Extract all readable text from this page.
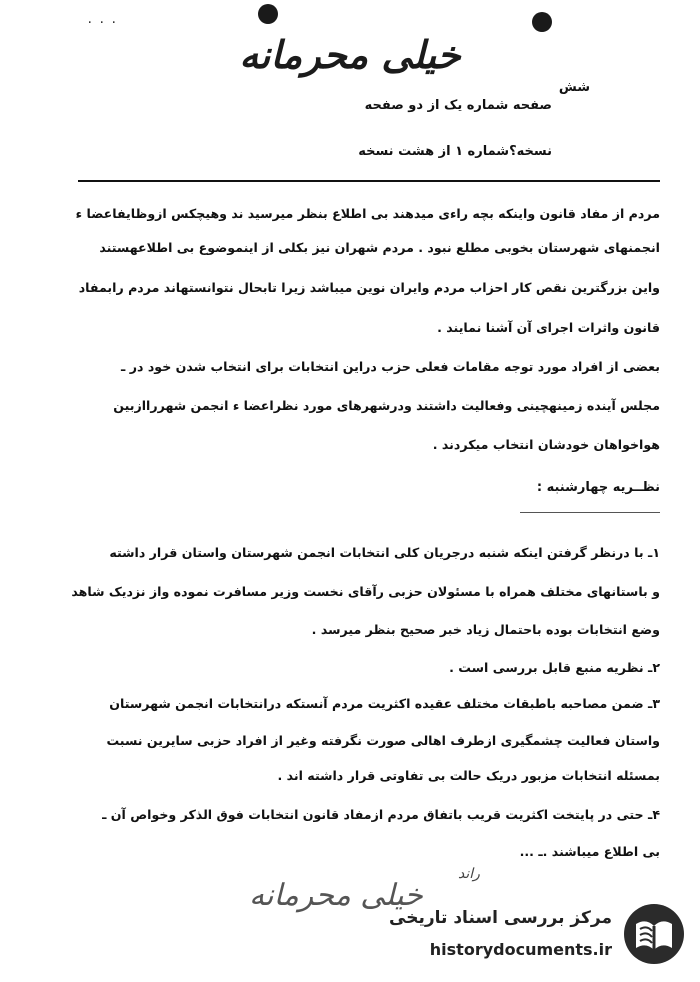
٠ ٠ ٠
خیلی محرمانه
شش
صفحه شماره یک از دو صفحه
نسخه؟شماره ۱ از هشت نسخه
مردم از مفاد قانون واینکه بچه راءی میدهند بی اطلاع بنظر میرسید ند وهیچکس ازوظایفاعضا ء
انجمنهای شهرستان بخوبی مطلع نبود . مردم شهران نیز بکلی از اینموضوع بی اطلاعهستند
واین بزرگترین نقص کار احزاب مردم وایران نوین میباشد زیرا تابحال نتوانستهاند مردم رابمفاد
قانون واثرات اجرای آن آشنا نمایند .
بعضی از افراد مورد توجه مقامات فعلی حزب دراین انتخابات برای انتخاب شدن خود در ـ
مجلس آینده زمینهچینی وفعالیت داشتند ودرشهرهای مورد نظراعضا ء انجمن شهرراازبین
هواخواهان خودشان انتخاب میکردند .
نظــریه چهارشنبه :
۱ـ با درنظر گرفتن اینکه شنبه درجریان کلی انتخابات انجمن شهرستان واستان قرار داشته
و باستانهای مختلف همراه با مسئولان حزبی رآقای نخست وزیر مسافرت نموده واز نزدیک شاهد
وضع انتخابات بوده باحتمال زیاد خبر صحیح بنظر میرسد .
۲ـ نظریه منبع قابل بررسی است .
۳ـ ضمن مصاحبه باطبقات مختلف عقیده اکثریت مردم آنستکه درانتخابات انجمن شهرستان
واستان فعالیت چشمگیری ازطرف اهالی صورت نگرفته وغیر از افراد حزبی سایرین نسبت
بمسئله انتخابات مزبور دریک حالت بی تفاوتی قرار داشته اند .
۴ـ حتی در پایتخت اکثریت قریب باتفاق مردم ازمفاد قانون انتخابات فوق الذکر وخواص آن ـ
بی اطلاع میباشند .ـ ...
راند
خیلی محرمانه
مرکز بررسی اسناد تاریخی
historydocuments.ir
